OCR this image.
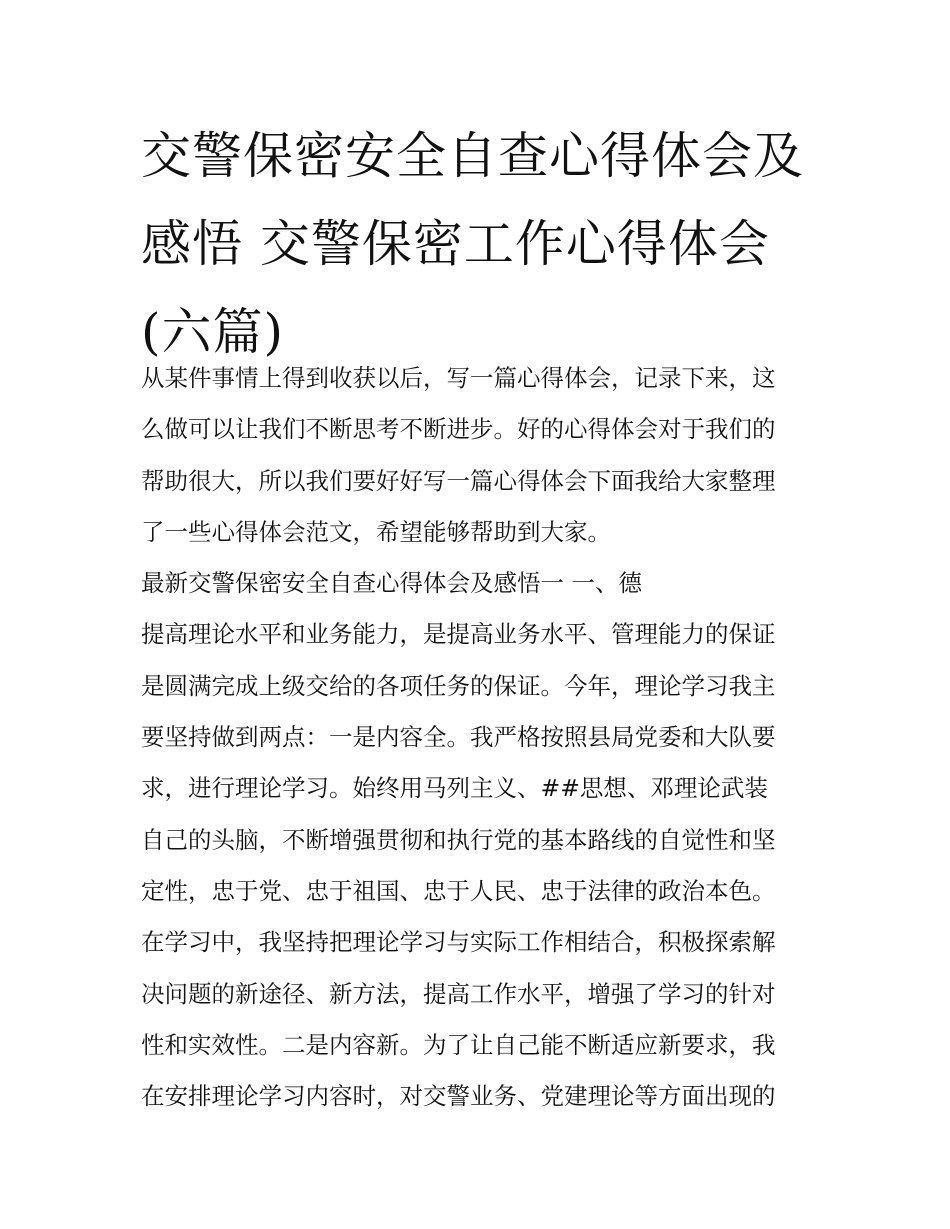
交警保密安全自查心得体会及
感悟 交警保密工作心得体会
(六篇)
从某件事情上得到收获以后，写一篇心得体会，记录下来，这
么做可以让我们不断思考不断进步。好的心得体会对于我们的
帮助很大，所以我们要好好写一篇心得体会下面我给大家整理
了一些心得体会范文，希望能够帮助到大家。
最新交警保密安全自查心得体会及感悟一 一、德
提高理论水平和业务能力，是提高业务水平、管理能力的保证
是圆满完成上级交给的各项任务的保证。今年，理论学习我主
要坚持做到两点：一是内容全。我严格按照县局党委和大队要
求，进行理论学习。始终用马列主义、##思想、邓理论武装
自己的头脑，不断增强贯彻和执行党的基本路线的自觉性和坚
定性，忠于党、忠于祖国、忠于人民、忠于法律的政治本色。
在学习中，我坚持把理论学习与实际工作相结合，积极探索解
决问题的新途径、新方法，提高工作水平，增强了学习的针对
性和实效性。二是内容新。为了让自己能不断适应新要求，我
在安排理论学习内容时，对交警业务、党建理论等方面出现的
